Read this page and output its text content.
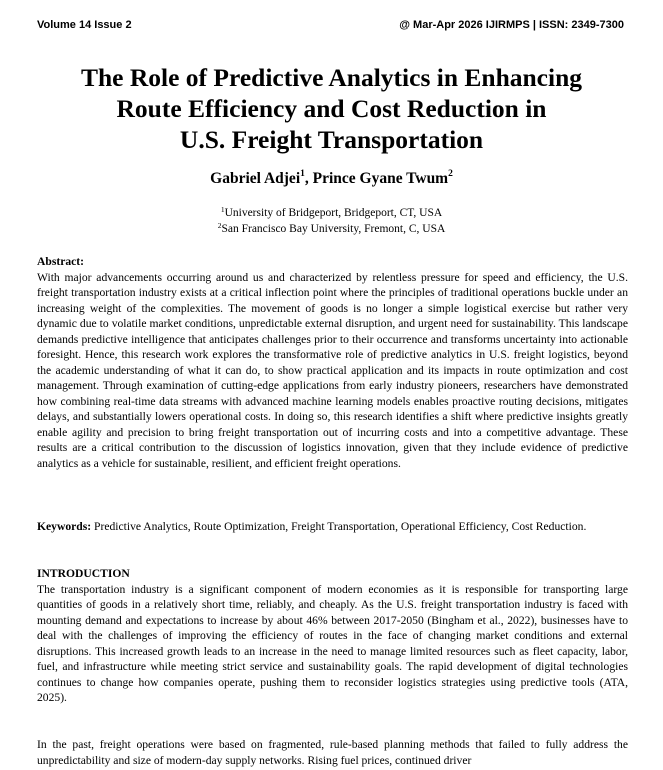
Volume 14 Issue 2	@ Mar-Apr 2026 IJIRMPS | ISSN: 2349-7300
The Role of Predictive Analytics in Enhancing
Route Efficiency and Cost Reduction in
U.S. Freight Transportation
Gabriel Adjei$^1$, Prince Gyane Twum$^2$
$^1$University of Bridgeport, Bridgeport, CT, USA
$^2$San Francisco Bay University, Fremont, C, USA
Abstract:
With major advancements occurring around us and characterized by relentless pressure for speed and efficiency, the U.S. freight transportation industry exists at a critical inflection point where the principles of traditional operations buckle under an increasing weight of the complexities. The movement of goods is no longer a simple logistical exercise but rather very dynamic due to volatile market conditions, unpredictable external disruption, and urgent need for sustainability. This landscape demands predictive intelligence that anticipates challenges prior to their occurrence and transforms uncertainty into actionable foresight. Hence, this research work explores the transformative role of predictive analytics in U.S. freight logistics, beyond the academic understanding of what it can do, to show practical application and its impacts in route optimization and cost management. Through examination of cutting-edge applications from early industry pioneers, researchers have demonstrated how combining real-time data streams with advanced machine learning models enables proactive routing decisions, mitigates delays, and substantially lowers operational costs. In doing so, this research identifies a shift where predictive insights greatly enable agility and precision to bring freight transportation out of incurring costs and into a competitive advantage. These results are a critical contribution to the discussion of logistics innovation, given that they include evidence of predictive analytics as a vehicle for sustainable, resilient, and efficient freight operations.
Keywords: Predictive Analytics, Route Optimization, Freight Transportation, Operational Efficiency, Cost Reduction.
INTRODUCTION
The transportation industry is a significant component of modern economies as it is responsible for transporting large quantities of goods in a relatively short time, reliably, and cheaply. As the U.S. freight transportation industry is faced with mounting demand and expectations to increase by about 46% between 2017-2050 (Bingham et al., 2022), businesses have to deal with the challenges of improving the efficiency of routes in the face of changing market conditions and external disruptions. This increased growth leads to an increase in the need to manage limited resources such as fleet capacity, labor, fuel, and infrastructure while meeting strict service and sustainability goals. The rapid development of digital technologies continues to change how companies operate, pushing them to reconsider logistics strategies using predictive tools (ATA, 2025).
In the past, freight operations were based on fragmented, rule-based planning methods that failed to fully address the unpredictability and size of modern-day supply networks. Rising fuel prices, continued driver
